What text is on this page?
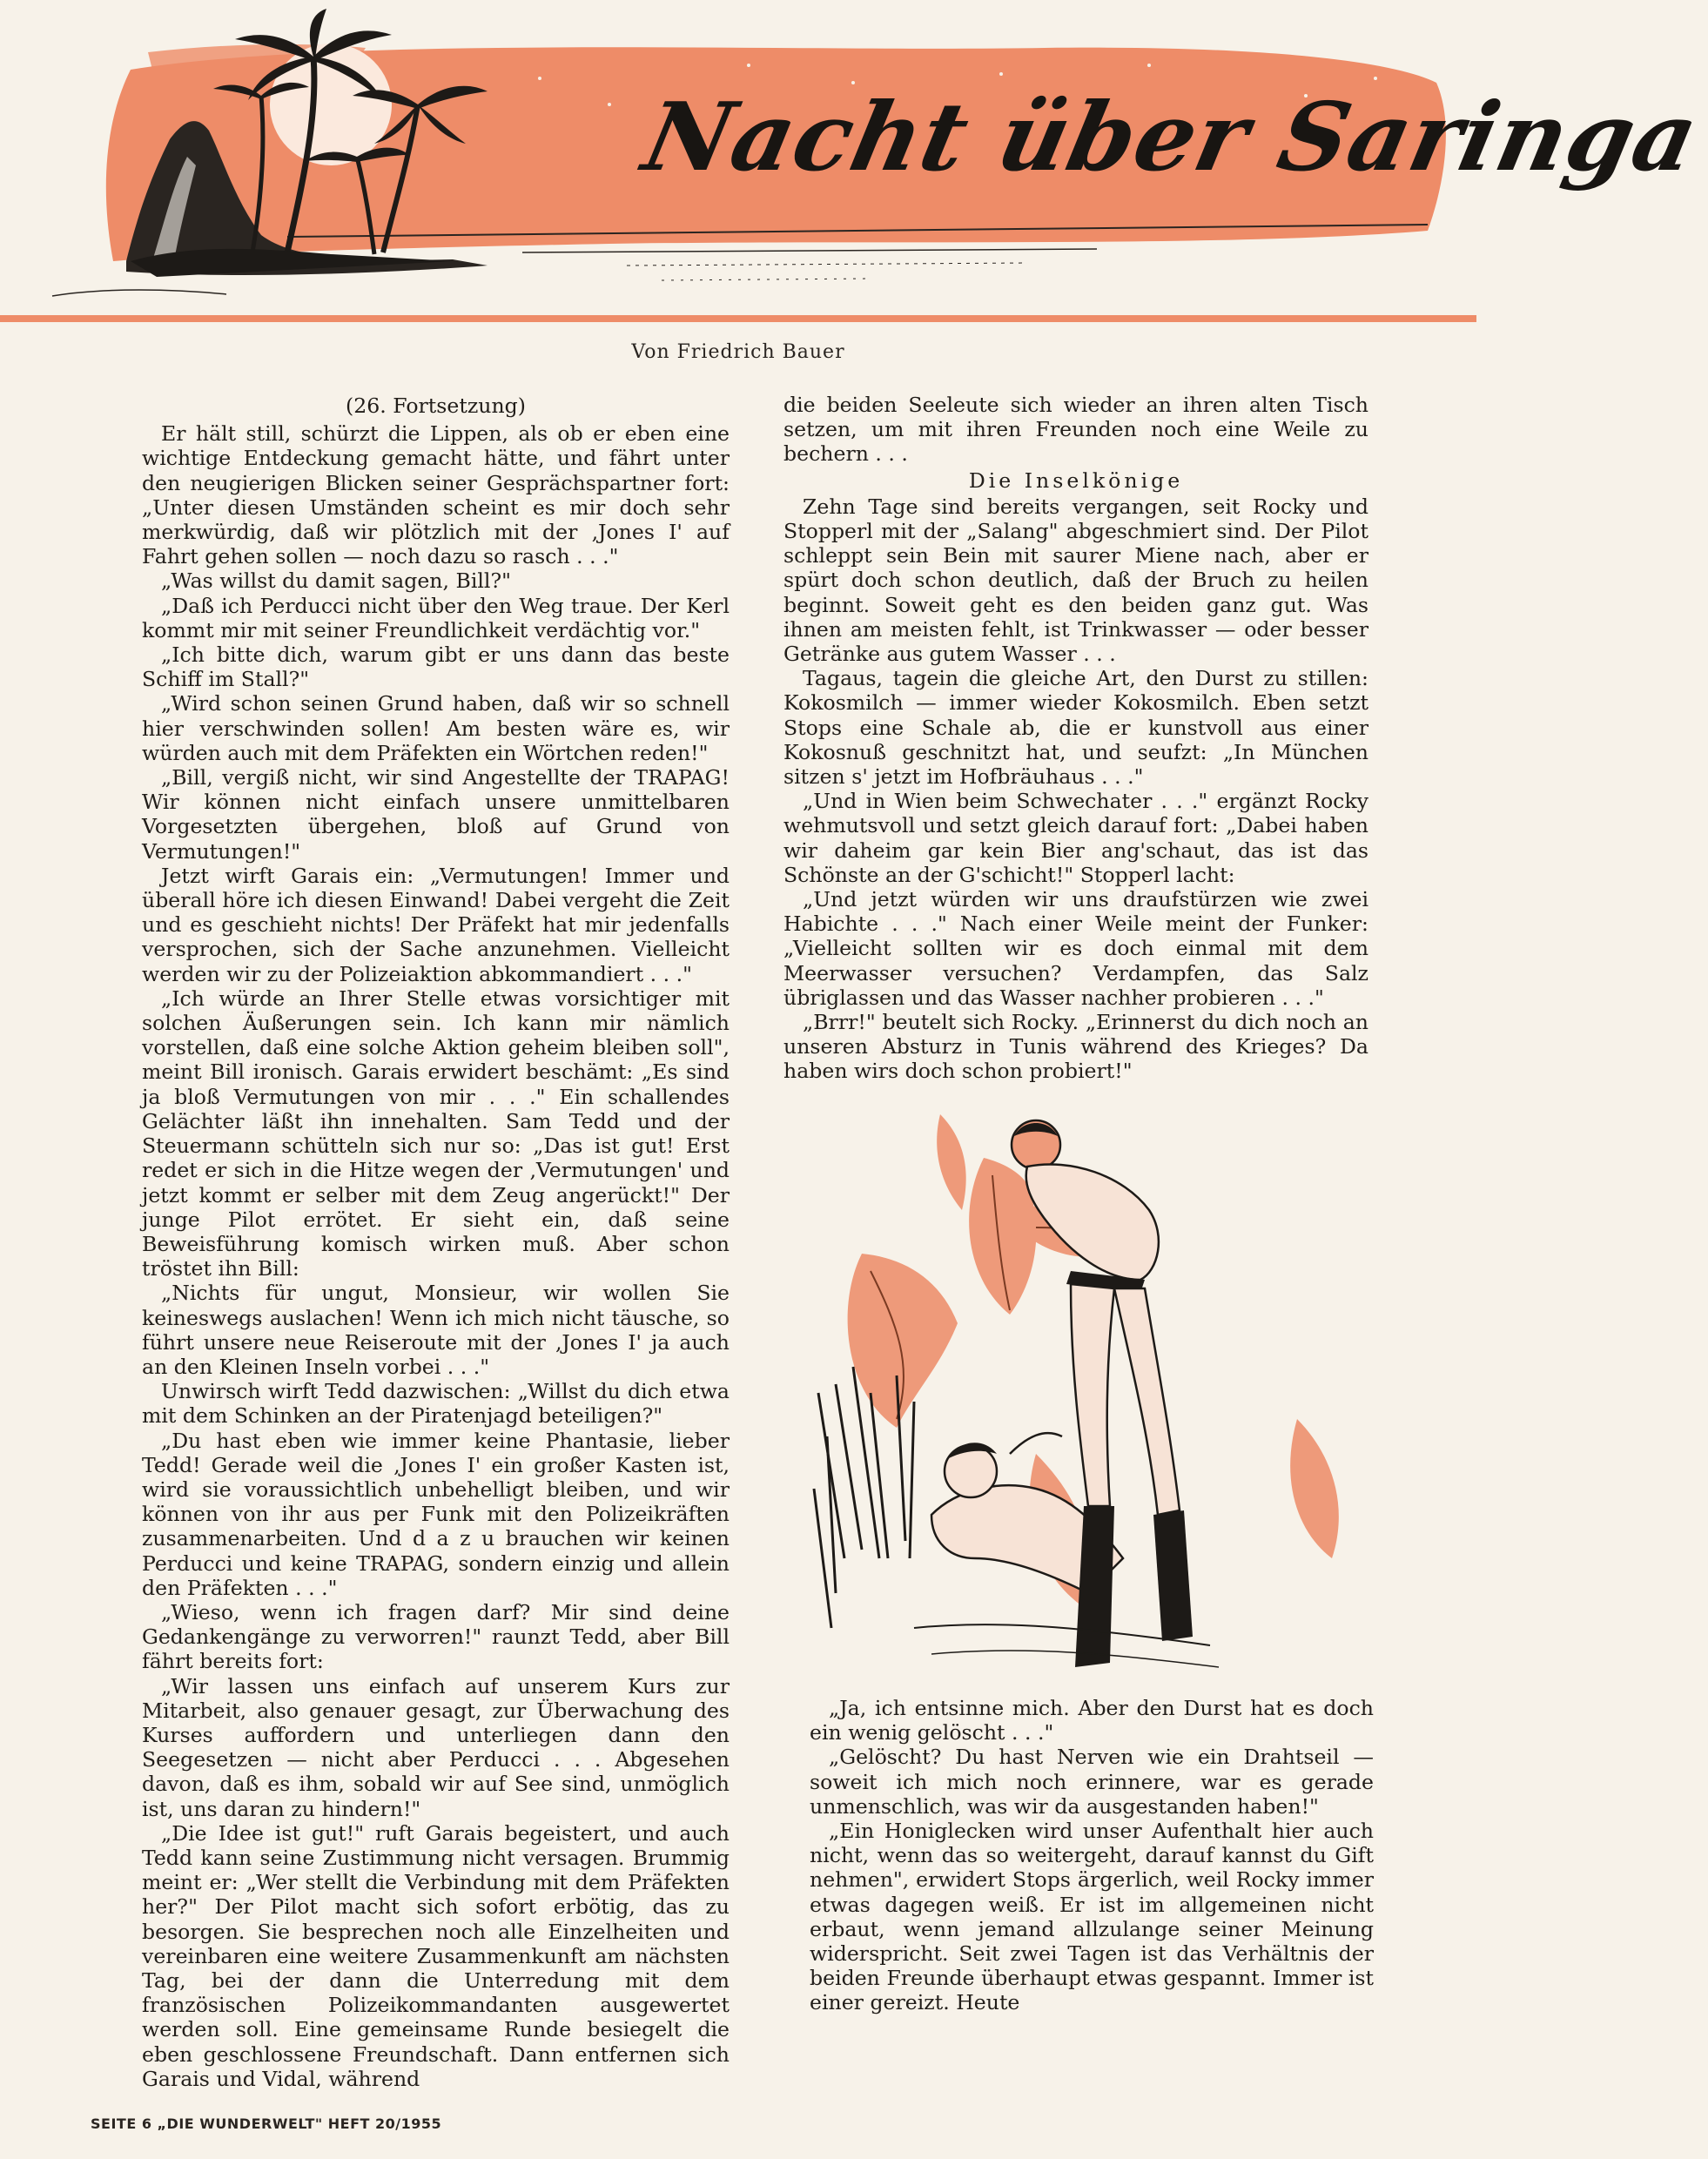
Nacht über Saringa
Von Friedrich Bauer

(26. Fortsetzung)

Er hält still, schürzt die Lippen, als ob er eben eine wichtige Entdeckung gemacht hätte, und fährt unter den neugierigen Blicken seiner Gesprächspartner fort: „Unter diesen Umständen scheint es mir doch sehr merkwürdig, daß wir plötzlich mit der ‚Jones I' auf Fahrt gehen sollen — noch dazu so rasch . . ."

„Was willst du damit sagen, Bill?"

„Daß ich Perducci nicht über den Weg traue. Der Kerl kommt mir mit seiner Freundlichkeit verdächtig vor."

„Ich bitte dich, warum gibt er uns dann das beste Schiff im Stall?"

„Wird schon seinen Grund haben, daß wir so schnell hier verschwinden sollen! Am besten wäre es, wir würden auch mit dem Präfekten ein Wörtchen reden!"

„Bill, vergiß nicht, wir sind Angestellte der TRAPAG! Wir können nicht einfach unsere unmittelbaren Vorgesetzten übergehen, bloß auf Grund von Vermutungen!"

Jetzt wirft Garais ein: „Vermutungen! Immer und überall höre ich diesen Einwand! Dabei vergeht die Zeit und es geschieht nichts! Der Präfekt hat mir jedenfalls versprochen, sich der Sache anzunehmen. Vielleicht werden wir zu der Polizeiaktion abkommandiert . . ."

„Ich würde an Ihrer Stelle etwas vorsichtiger mit solchen Äußerungen sein. Ich kann mir nämlich vorstellen, daß eine solche Aktion geheim bleiben soll", meint Bill ironisch. Garais erwidert beschämt: „Es sind ja bloß Vermutungen von mir . . ." Ein schallendes Gelächter läßt ihn innehalten. Sam Tedd und der Steuermann schütteln sich nur so: „Das ist gut! Erst redet er sich in die Hitze wegen der ‚Vermutungen' und jetzt kommt er selber mit dem Zeug angerückt!" Der junge Pilot errötet. Er sieht ein, daß seine Beweisführung komisch wirken muß. Aber schon tröstet ihn Bill:

„Nichts für ungut, Monsieur, wir wollen Sie keineswegs auslachen! Wenn ich mich nicht täusche, so führt unsere neue Reiseroute mit der ‚Jones I' ja auch an den Kleinen Inseln vorbei . . ."

Unwirsch wirft Tedd dazwischen: „Willst du dich etwa mit dem Schinken an der Piratenjagd beteiligen?"

„Du hast eben wie immer keine Phantasie, lieber Tedd! Gerade weil die ‚Jones I' ein großer Kasten ist, wird sie voraussichtlich unbehelligt bleiben, und wir können von ihr aus per Funk mit den Polizeikräften zusammenarbeiten. Und d a z u brauchen wir keinen Perducci und keine TRAPAG, sondern einzig und allein den Präfekten . . ."

„Wieso, wenn ich fragen darf? Mir sind deine Gedankengänge zu verworren!" raunzt Tedd, aber Bill fährt bereits fort:

„Wir lassen uns einfach auf unserem Kurs zur Mitarbeit, also genauer gesagt, zur Überwachung des Kurses auffordern und unterliegen dann den Seegesetzen — nicht aber Perducci . . . Abgesehen davon, daß es ihm, sobald wir auf See sind, unmöglich ist, uns daran zu hindern!"

„Die Idee ist gut!" ruft Garais begeistert, und auch Tedd kann seine Zustimmung nicht versagen. Brummig meint er: „Wer stellt die Verbindung mit dem Präfekten her?" Der Pilot macht sich sofort erbötig, das zu besorgen. Sie besprechen noch alle Einzelheiten und vereinbaren eine weitere Zusammenkunft am nächsten Tag, bei der dann die Unterredung mit dem französischen Polizeikommandanten ausgewertet werden soll. Eine gemeinsame Runde besiegelt die eben geschlossene Freundschaft. Dann entfernen sich Garais und Vidal, während

die beiden Seeleute sich wieder an ihren alten Tisch setzen, um mit ihren Freunden noch eine Weile zu bechern . . .

Die Inselkönige

Zehn Tage sind bereits vergangen, seit Rocky und Stopperl mit der „Salang" abgeschmiert sind. Der Pilot schleppt sein Bein mit saurer Miene nach, aber er spürt doch schon deutlich, daß der Bruch zu heilen beginnt. Soweit geht es den beiden ganz gut. Was ihnen am meisten fehlt, ist Trinkwasser — oder besser Getränke aus gutem Wasser . . .

Tagaus, tagein die gleiche Art, den Durst zu stillen: Kokosmilch — immer wieder Kokosmilch. Eben setzt Stops eine Schale ab, die er kunstvoll aus einer Kokosnuß geschnitzt hat, und seufzt: „In München sitzen s' jetzt im Hofbräuhaus . . ."

„Und in Wien beim Schwechater . . ." ergänzt Rocky wehmutsvoll und setzt gleich darauf fort: „Dabei haben wir daheim gar kein Bier ang'schaut, das ist das Schönste an der G'schicht!" Stopperl lacht:

„Und jetzt würden wir uns draufstürzen wie zwei Habichte . . ." Nach einer Weile meint der Funker: „Vielleicht sollten wir es doch einmal mit dem Meerwasser versuchen? Verdampfen, das Salz übriglassen und das Wasser nachher probieren . . ."

„Brrr!" beutelt sich Rocky. „Erinnerst du dich noch an unseren Absturz in Tunis während des Krieges? Da haben wirs doch schon probiert!"

„Ja, ich entsinne mich. Aber den Durst hat es doch ein wenig gelöscht . . ."

„Gelöscht? Du hast Nerven wie ein Drahtseil — soweit ich mich noch erinnere, war es gerade unmenschlich, was wir da ausgestanden haben!"

„Ein Honiglecken wird unser Aufenthalt hier auch nicht, wenn das so weitergeht, darauf kannst du Gift nehmen", erwidert Stops ärgerlich, weil Rocky immer etwas dagegen weiß. Er ist im allgemeinen nicht erbaut, wenn jemand allzulange seiner Meinung widerspricht. Seit zwei Tagen ist das Verhältnis der beiden Freunde überhaupt etwas gespannt. Immer ist einer gereizt. Heute

SEITE 6 „DIE WUNDERWELT" HEFT 20/1955
